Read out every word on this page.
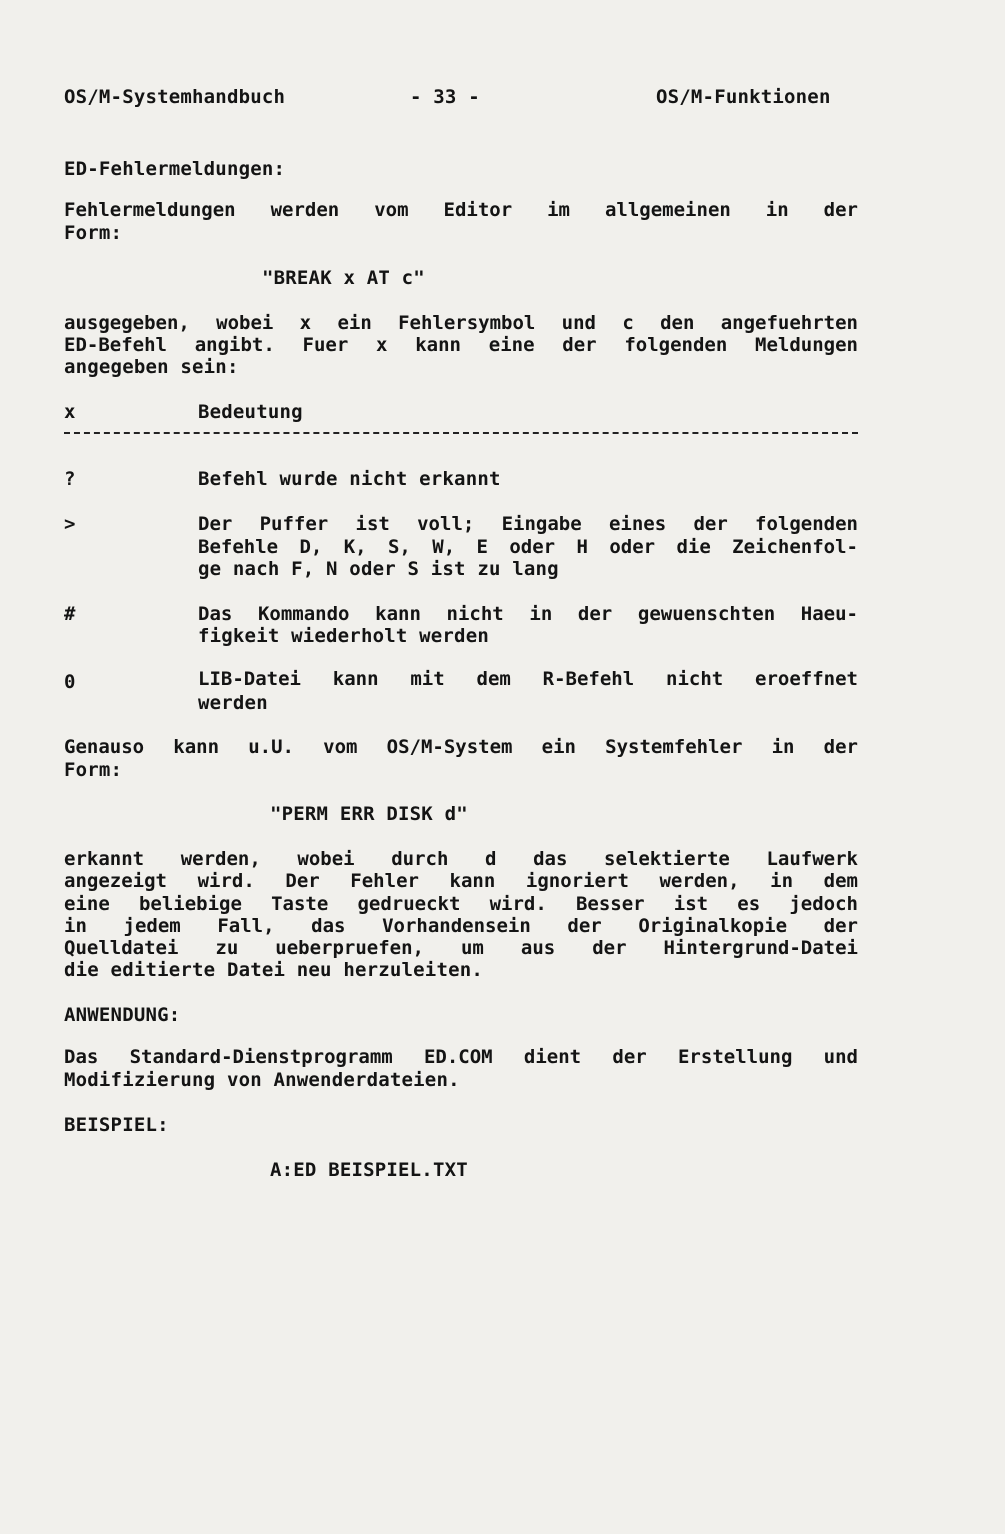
OS/M-Systemhandbuch	- 33 -	OS/M-Funktionen
ED-Fehlermeldungen:
Fehlermeldungen werden vom Editor im allgemeinen in der
Form:
"BREAK x AT c"
ausgegeben, wobei x ein Fehlersymbol und c den angefuehrten
ED-Befehl angibt. Fuer x kann eine der folgenden Meldungen
angegeben sein:
x	Bedeutung
?	Befehl wurde nicht erkannt
>	Der Puffer ist voll; Eingabe eines der folgenden
Befehle D, K, S, W, E oder H oder die Zeichenfol-
ge nach F, N oder S ist zu lang
#	Das Kommando kann nicht in der gewuenschten Haeu-
figkeit wiederholt werden
0	LIB-Datei kann mit dem R-Befehl nicht eroeffnet
werden
Genauso kann u.U. vom OS/M-System ein Systemfehler in der
Form:
"PERM ERR DISK d"
erkannt werden, wobei durch d das selektierte Laufwerk
angezeigt wird. Der Fehler kann ignoriert werden, in dem
eine beliebige Taste gedrueckt wird. Besser ist es jedoch
in jedem Fall, das Vorhandensein der Originalkopie der
Quelldatei zu ueberpruefen, um aus der Hintergrund-Datei
die editierte Datei neu herzuleiten.
ANWENDUNG:
Das Standard-Dienstprogramm ED.COM dient der Erstellung und
Modifizierung von Anwenderdateien.
BEISPIEL:
A:ED BEISPIEL.TXT
